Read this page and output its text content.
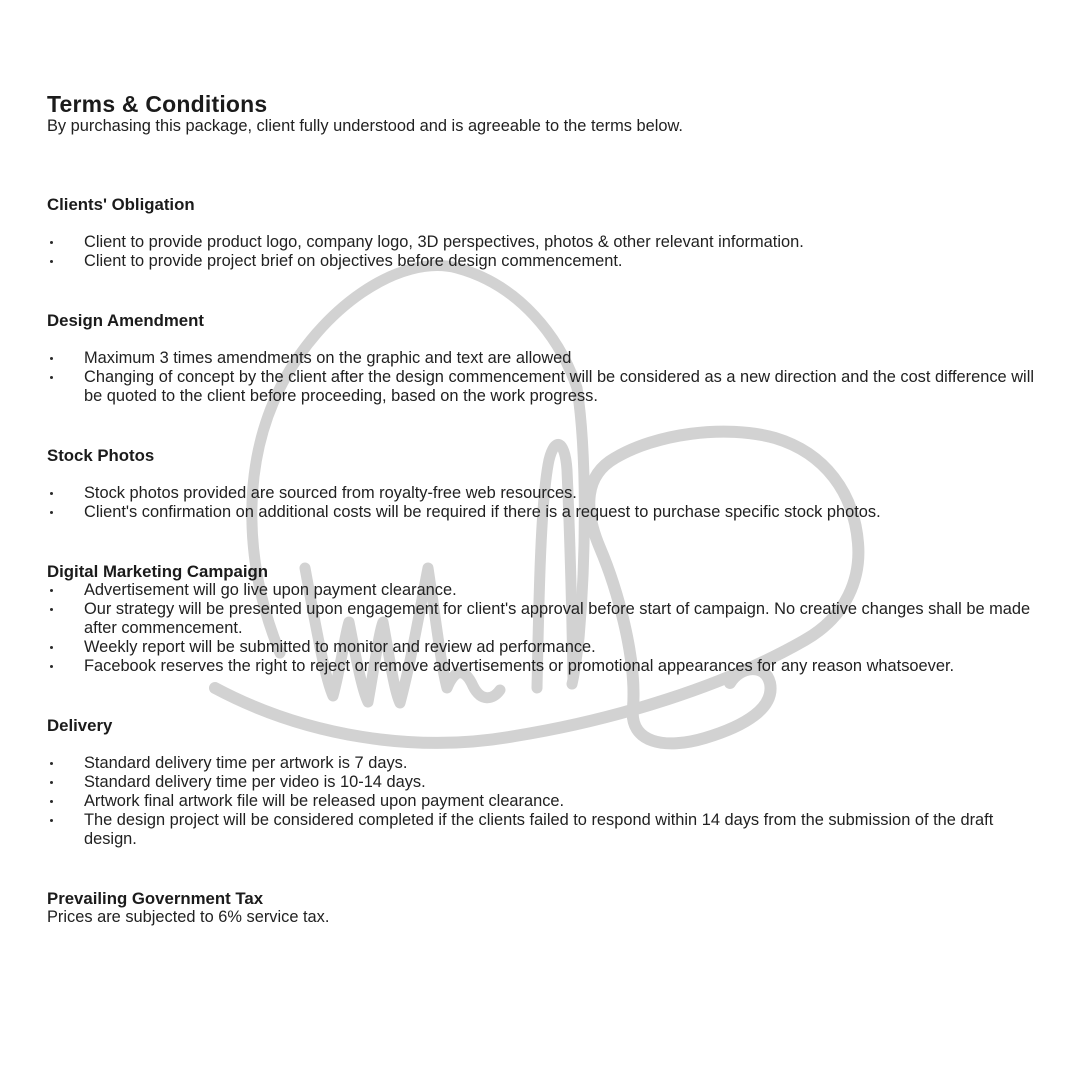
Terms & Conditions

By purchasing this package, client fully understood and is agreeable to the terms below.

Clients' Obligation
Client to provide product logo, company logo, 3D perspectives, photos & other relevant information.
Client to provide project brief on objectives before design commencement.
Design Amendment
Maximum 3 times amendments on the graphic and text are allowed
Changing of concept by the client after the design commencement will be considered as a new direction and the cost difference will be quoted to the client before proceeding, based on the work progress.
Stock Photos
Stock photos provided are sourced from royalty-free web resources.
Client's confirmation on additional costs will be required if there is a request to purchase specific stock photos.
Digital Marketing Campaign
Advertisement will go live upon payment clearance.
Our strategy will be presented upon engagement for client's approval before start of campaign. No creative changes shall be made after commencement.
Weekly report will be submitted to monitor and review ad performance.
Facebook reserves the right to reject or remove advertisements or promotional appearances for any reason whatsoever.
Delivery
Standard delivery time per artwork is 7 days.
Standard delivery time per video is 10-14 days.
Artwork final artwork file will be released upon payment clearance.
The design project will be considered completed if the clients failed to respond within 14 days from the submission of the draft design.
Prevailing Government Tax

Prices are subjected to 6% service tax.
